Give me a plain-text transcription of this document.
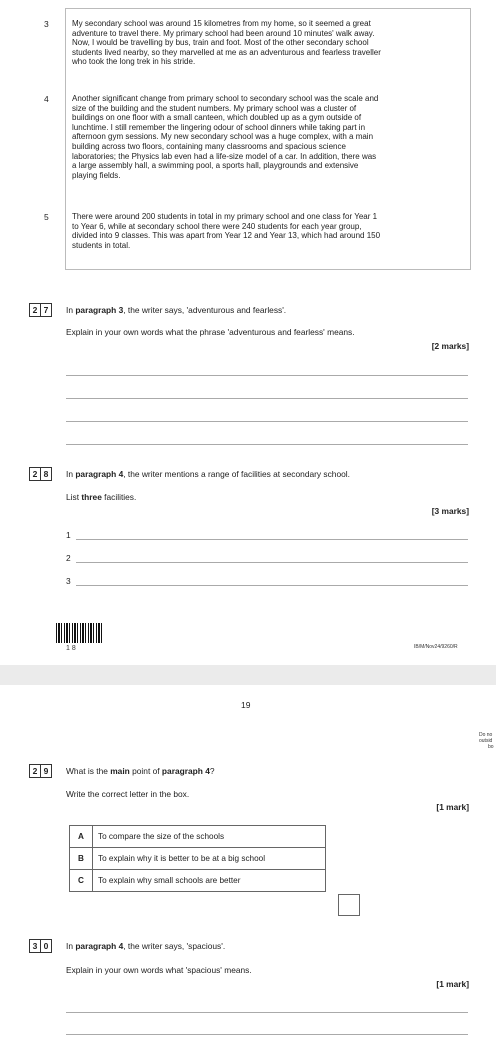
3	My secondary school was around 15 kilometres from my home, so it seemed a great
adventure to travel there. My primary school had been around 10 minutes' walk away.
Now, I would be travelling by bus, train and foot. Most of the other secondary school
students lived nearby, so they marvelled at me as an adventurous and fearless traveller
who took the long trek in his stride.
4	Another significant change from primary school to secondary school was the scale and
size of the building and the student numbers. My primary school was a cluster of
buildings on one floor with a small canteen, which doubled up as a gym outside of
lunchtime. I still remember the lingering odour of school dinners while taking part in
afternoon gym sessions. My new secondary school was a huge complex, with a main
building across two floors, containing many classrooms and spacious science
laboratories; the Physics lab even had a life-size model of a car. In addition, there was
a large assembly hall, a swimming pool, a sports hall, playgrounds and extensive
playing fields.
5	There were around 200 students in total in my primary school and one class for Year 1
to Year 6, while at secondary school there were 240 students for each year group,
divided into 9 classes. This was apart from Year 12 and Year 13, which had around 150
students in total.
2 7	In paragraph 3, the writer says, 'adventurous and fearless'.
Explain in your own words what the phrase 'adventurous and fearless' means.
[2 marks]
2 8	In paragraph 4, the writer mentions a range of facilities at secondary school.
List three facilities.
[3 marks]
1
2
3
1 8	IB/M/Nov24/9260/R
19
Do no
outsid
bo
2 9	What is the main point of paragraph 4?
Write the correct letter in the box.
[1 mark]
A	To compare the size of the schools
B	To explain why it is better to be at a big school
C	To explain why small schools are better
3 0	In paragraph 4, the writer says, 'spacious'.
Explain in your own words what 'spacious' means.
[1 mark]
